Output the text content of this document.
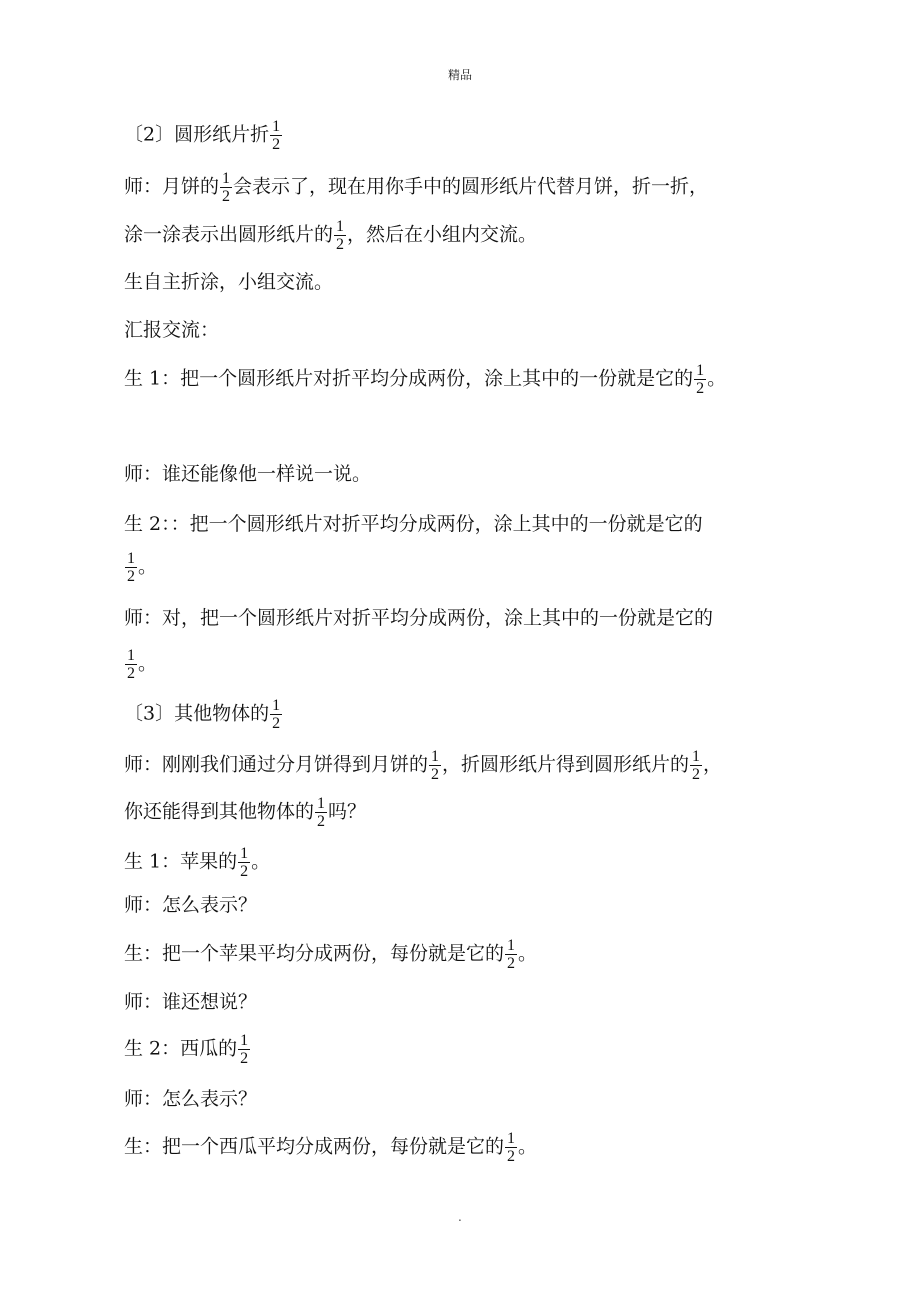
精品
〔2〕圆形纸片折 $\frac{1}{2}$
师：月饼的 $\frac{1}{2}$ 会表示了，现在用你手中的圆形纸片代替月饼，折一折，
涂一涂表示出圆形纸片的 $\frac{1}{2}$ ，然后在小组内交流。
生自主折涂，小组交流。
汇报交流：
生 1：把一个圆形纸片对折平均分成两份，涂上其中的一份就是它的 $\frac{1}{2}$ 。
师：谁还能像他一样说一说。
生 2：：把一个圆形纸片对折平均分成两份，涂上其中的一份就是它的
$\frac{1}{2}$ 。
师：对，把一个圆形纸片对折平均分成两份，涂上其中的一份就是它的
$\frac{1}{2}$ 。
〔3〕其他物体的 $\frac{1}{2}$
师：刚刚我们通过分月饼得到月饼的 $\frac{1}{2}$ ，折圆形纸片得到圆形纸片的 $\frac{1}{2}$ ，
你还能得到其他物体的 $\frac{1}{2}$ 吗？
生 1：苹果的 $\frac{1}{2}$ 。
师：怎么表示？
生：把一个苹果平均分成两份，每份就是它的 $\frac{1}{2}$ 。
师：谁还想说？
生 2：西瓜的 $\frac{1}{2}$
师：怎么表示？
生：把一个西瓜平均分成两份，每份就是它的 $\frac{1}{2}$ 。
.
